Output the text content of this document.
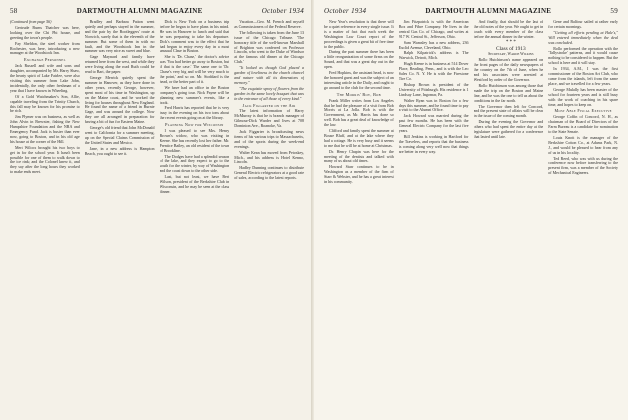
58	DARTMOUTH ALUMNI MAGAZINE	October 1934

(Continued from page 56)

Gertrude Burns Thatcher was here, looking over the Chi Phi house, and greeting the town's people.

Fay Sheldon, the steel worker from Rochester, was here, introducing a new manager at the Woodstock Inn.

Exchange Personnel

Jack Russell and wife and sons and daughter, accompanied by Mr. Harry Shaw, the hearty spirit of Lake Fairlee, were also visiting this summer from Lake John, incidentally, the only other freshman of a year that I have known in Wheeling.

Of a Gold Watchmaker's Son, Allie, capable traveling from the Trinity Church, this fall may be known for his promise to be rich.

Jim Plymer was on business, as well as John Alvin in Brewster, fishing the New Hampshire Foundation and the NRA and Emergency Fund. Jack is busier than ever now, going to Boston, and in his old age his house at the corner of the Hill.

Mert Wilcox brought his two boys to get in for the school year. It hasn't been possible for one of them to walk down to the ice rink; and the Colonel knew it, and they say after the long hours they worked to make ends meet.

Bradley and Barbara Patton went quietly and perhaps stayed in the summer, and the pair by the Bootleggers' route at Norwich, surely that is the eleventh of the summer. But some of them in with no fault, and the Woodstock Inn in the summer was very nice as sweet and blue.

Gage Maynard and family have returned here from the west, and while they were living along the road Ruth could be read to Bart, the paper.

George Merrick quietly spent the summer in Hanover, as they have done in other years, recently George, however, spent most of his time in Washington, up on the Maine coast, and he worked the living for houses throughout New England. He found the name of a friend in Burnie Gage, and was around the college. Now they are all arranged in preparation for having a bit of fun for Eastern Maine.

George's old friend that John McDonald went to California for a summer meeting, up on the Special Claims Commission of the United States and Mexico.

Jane, in a new address is Hampton Beach, you ought to see it.

Dick is New York on a business trip before he began to have plans in his mind. He was in Hanover to lunch and said that he was preparing to take his departure. Dick's comment was to the effect that he had begun to enjoy every day in a most unusual Clase in Boston.

She is 'Dr. Chase,' the doctor's advice was 'You had better go away to Boston, but if that is the case.' The same one to 'Dr. Chase's very big and will be very much to the point,' and so on. Mr. Stoddard is the head, or the better part of it.

We have had an office in the Boston company's going tour. Nick Payne will be planning new summer's events, like a book.

Fred Harris has reported that he is very busy in the evening on his two tons about the recent events going on at the library.

Planning Now for Wisconsin

I was pleased to see Mrs. Henry Brown's widow, who was visiting in Keene. She has recently lost her father. Mr. Prentice Bailey, an old resident of the town of Brookline.

The Dodges have had a splendid season of the lake, and they expect to go to the south for the winter, by way of Washington and the coast down to the other side.

Last, but not least, we have Bert Wilson, president of the Berkshire Club in Wisconsin, and he may be seen at the class dinner.

Vacation—Geo. M. French and myself as Commissioners of the Federal Reserve.

The following is taken from the June 13 issue of the Chicago Tribune. 'The honorary title of the well-known Marshall of Brighton was conferred on Professor Lincoln, who went to the Duke of Windsor at the famous old dinner at the Chicago Club.'

"It looked as though God placed a garden of loveliness in the church chancel and nature with all its dimensions of memory."

"The exquisite spray of flowers from the garden in the same lovely bouquet that was in the entrance of all those of every kind."

Jack Figgarter on the Air

The latest information of Harry McMurray is that he is branch manager of Gilmour-Dick Warder and lives at 708 Dominion Ave., Roanoke, Va.

Jack Figgarter is broadcasting news items of his various trips to Massachusetts, and of the sports during the week-end evenings.

Walter Kean has moved from Petoskey, Mich., and his address is Hotel Kenno, Lincoln.

Hadley Dunning continues to distribute General Electric refrigerators at a good rate of sales, according to the latest reports.

October 1934	DARTMOUTH ALUMNI MAGAZINE	59

New Year's resolution is that there will be a quiet reference in every single issue. It is a matter of fact that each week the Washington Law Court report of the proceedings is given a great bit of free time to the public.

During the past summer there has been a little reorganization of some firms on the Sound, and that was a great day out in the open.

Fred Hopkins, the assistant head, is now the honored guest and was the subject of an interesting article in the Daily, and ought to go around to the club for the second time.

The Morris' Boy, Bob

Frank Miller writes from Los Angeles that he had the pleasure of a visit from Bob Morris at La Jolla. Bob is with the Government, as Mr. Harris has done so well. Bob has a great deal of knowledge of the law.

Clifford and family spent the summer at Bouse Bluff, and at the lake where they had a cottage. He is very busy and it seems to me that he will be at home at Christmas.

Dr. Henry Chapin was here for the meeting of the dentists and talked with many of us about old times.

Howard Starr continues to be in Washington as a member of the firm of Starr & Webster, and he has a great interest in his community.

Jim Fitzpatrick is with the American Box and Fibre Company. He lives in the central Gas Co. of Chicago, and writes at 917 W. Central St., Jefferson, Ohio.

Sam Wamsley has a new address, 236 Euclid Avenue, Cleveland, Ohio.

Ralph Kilpatrick's address is The Warwick, Detroit, Mich.

Hugh Keene is in business at 514 Dover Place, Reading, Penn., and is with the Leo Sales Co. N. Y. He is with the Firestone Tire Co.

Bishop Brown is president of the University of Pittsburgh. His residence is 1 Lindsay Lane, Ingomar, Pa.

Walter Ryan was in Boston for a few days this summer, and he found time to pay a visit to the Alumni Office.

Jack Howard was married during the past few months. He has been with the General Electric Company for the last five years.

Bill Jenkins is working in Hartford for the Travelers, and reports that the business is coming along very well now that things are better in every way.

And finally, that should be the last of the old notes of the year. We ought to get in touch with every member of the class before the annual dinner in the winter.

* * *

Class of 1913

Secretary, Warde Wilkins

Rollo Hutchinson's name appeared on the front pages of the daily newspapers of the country on the 7th of June, when he and his associates were arrested at Westford by order of the Governor.

Rollo Hutchinson was among those that made the trip on the Boston and Maine line, and he was the one to tell us about the conditions in the far north.

The Governor then left for Concord, and the present state of affairs will be clear in the issue of the coming month.

During the evening the Governor and others who had spent the entire day at the legislature were gathered for a conference that lasted until late.

Gene and Balfour sailed at rather early for certain mornings.

"Getting all efforts pending at Hale's," Will entered immediately when the deal was concluded.

Rollo performed the operation with the 'Tallystroke' patterns, and it would cause nothing to be considered to happen. But the school is here and it will stay.

In 1934, A.M., I was the first commissioner of the Boston Art Club, who came from the islands, left from the same place, and we travelled for a few years.

George Mulally has been master of the school for fourteen years and is still busy with the work of coaching in his spare time, and hopes to keep on.

Most Able Fiscal Executive

George Coffin of Concord, N. H., as chairman of the Board of Directors of the Farm Bureau is a candidate for nomination to the State Senate.

Louis Knott is the manager of the Berkshire Cotton Co., at Adams Park, N. J., and would be pleased to hear from any of us in his locality.

Ted Reed, who was with us during the conference now before transferring to the present firm, was a member of the Society of Mechanical Engineers.
